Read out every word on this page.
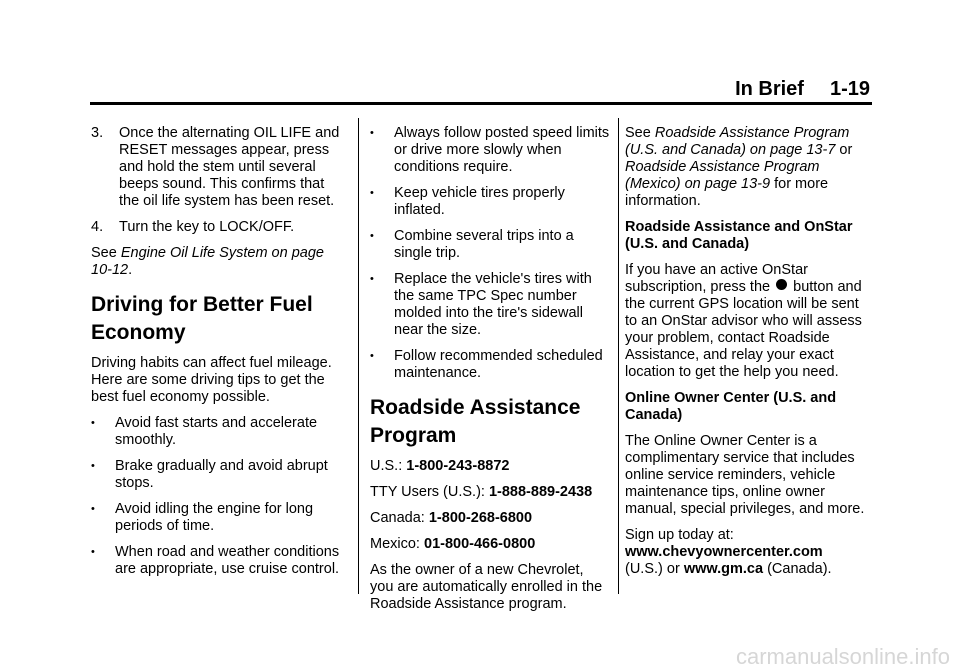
In Brief 1-19
3.	Once the alternating OIL LIFE and RESET messages appear, press and hold the stem until several beeps sound. This confirms that the oil life system has been reset.
4.	Turn the key to LOCK/OFF.

See Engine Oil Life System on page 10-12.

Driving for Better Fuel Economy

Driving habits can affect fuel mileage. Here are some driving tips to get the best fuel economy possible.

• Avoid fast starts and accelerate smoothly.
• Brake gradually and avoid abrupt stops.
• Avoid idling the engine for long periods of time.
• When road and weather conditions are appropriate, use cruise control.
• Always follow posted speed limits or drive more slowly when conditions require.
• Keep vehicle tires properly inflated.
• Combine several trips into a single trip.
• Replace the vehicle's tires with the same TPC Spec number molded into the tire's sidewall near the size.
• Follow recommended scheduled maintenance.
Roadside Assistance Program

U.S.: 1-800-243-8872

TTY Users (U.S.): 1-888-889-2438

Canada: 1-800-268-6800

Mexico: 01-800-466-0800

As the owner of a new Chevrolet, you are automatically enrolled in the Roadside Assistance program.

See Roadside Assistance Program (U.S. and Canada) on page 13-7 or Roadside Assistance Program (Mexico) on page 13-9 for more information.

Roadside Assistance and OnStar (U.S. and Canada)

If you have an active OnStar subscription, press the  button and the current GPS location will be sent to an OnStar advisor who will assess your problem, contact Roadside Assistance, and relay your exact location to get the help you need.

Online Owner Center (U.S. and Canada)

The Online Owner Center is a complimentary service that includes online service reminders, vehicle maintenance tips, online owner manual, special privileges, and more.

Sign up today at:
www.chevyownercenter.com
(U.S.) or www.gm.ca (Canada).

carmanualsonline.info
